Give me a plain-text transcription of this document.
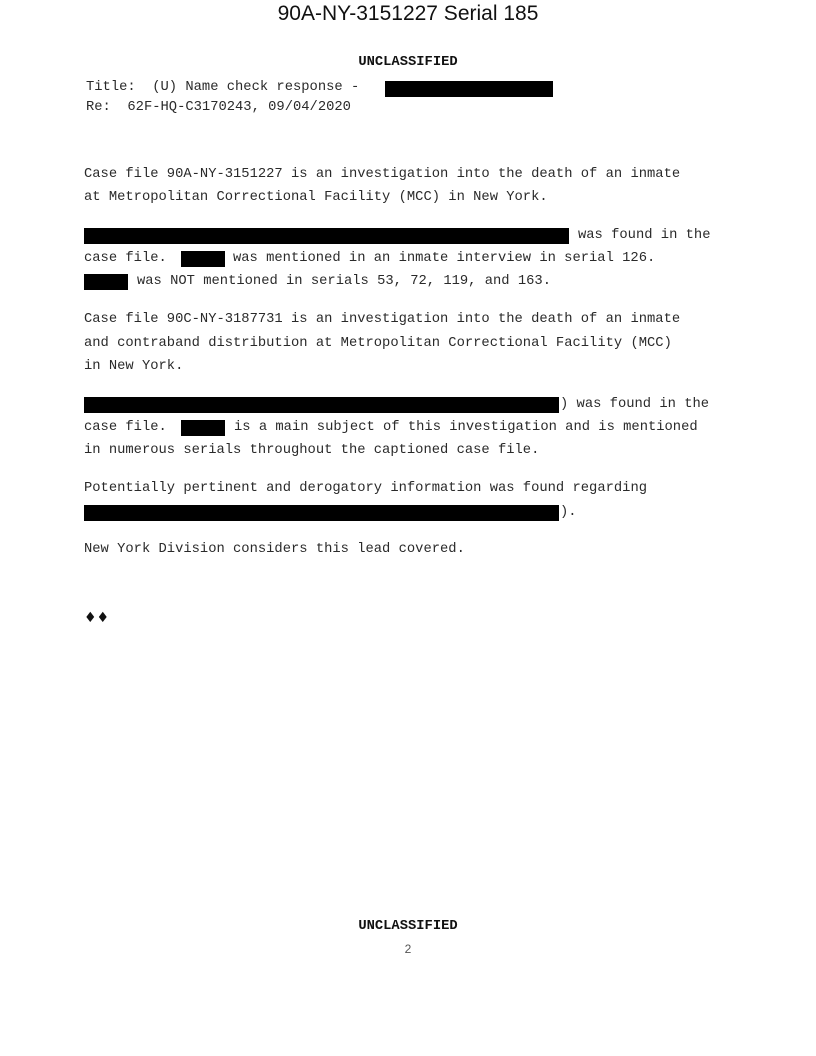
90A-NY-3151227 Serial 185
UNCLASSIFIED
Title:  (U) Name check response -
Re:  62F-HQ-C3170243, 09/04/2020
Case file 90A-NY-3151227 is an investigation into the death of an inmate
at Metropolitan Correctional Facility (MCC) in New York.
was found in the
case file.	was mentioned in an inmate interview in serial 126.
was NOT mentioned in serials 53, 72, 119, and 163.
Case file 90C-NY-3187731 is an investigation into the death of an inmate
and contraband distribution at Metropolitan Correctional Facility (MCC)
in New York.
) was found in the
case file.	is a main subject of this investigation and is mentioned
in numerous serials throughout the captioned case file.
Potentially pertinent and derogatory information was found regarding
).
New York Division considers this lead covered.
♦♦
UNCLASSIFIED
2
